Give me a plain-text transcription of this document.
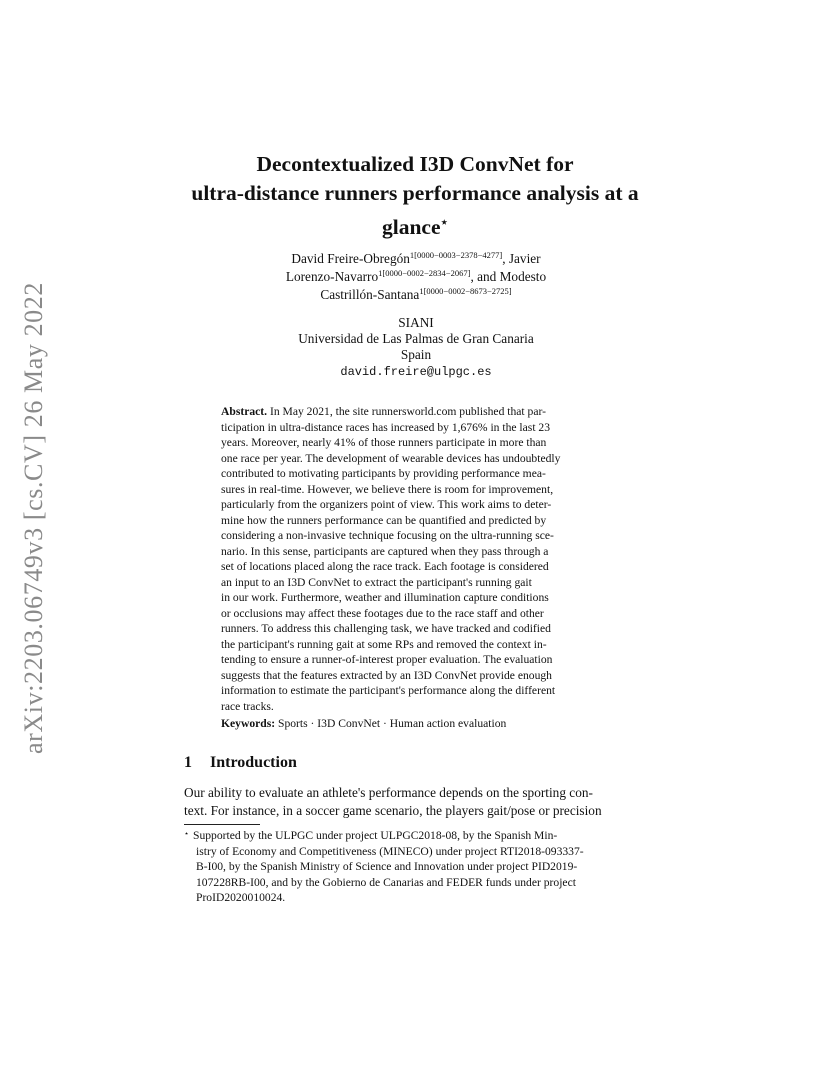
arXiv:2203.06749v3 [cs.CV] 26 May 2022
Decontextualized I3D ConvNet for
ultra-distance runners performance analysis at a
glance⋆
David Freire-Obregón$^{1[0000-0003-2378-4277]}$, Javier
Lorenzo-Navarro$^{1[0000-0002-2834-2067]}$, and Modesto
Castrillón-Santana$^{1[0000-0002-8673-2725]}$
SIANI
Universidad de Las Palmas de Gran Canaria
Spain
david.freire@ulpgc.es
Abstract. In May 2021, the site runnersworld.com published that par-
ticipation in ultra-distance races has increased by 1,676% in the last 23
years. Moreover, nearly 41% of those runners participate in more than
one race per year. The development of wearable devices has undoubtedly
contributed to motivating participants by providing performance mea-
sures in real-time. However, we believe there is room for improvement,
particularly from the organizers point of view. This work aims to deter-
mine how the runners performance can be quantified and predicted by
considering a non-invasive technique focusing on the ultra-running sce-
nario. In this sense, participants are captured when they pass through a
set of locations placed along the race track. Each footage is considered
an input to an I3D ConvNet to extract the participant's running gait
in our work. Furthermore, weather and illumination capture conditions
or occlusions may affect these footages due to the race staff and other
runners. To address this challenging task, we have tracked and codified
the participant's running gait at some RPs and removed the context in-
tending to ensure a runner-of-interest proper evaluation. The evaluation
suggests that the features extracted by an I3D ConvNet provide enough
information to estimate the participant's performance along the different
race tracks.
Keywords: Sports · I3D ConvNet · Human action evaluation
1 Introduction
Our ability to evaluate an athlete's performance depends on the sporting con-
text. For instance, in a soccer game scenario, the players gait/pose or precision
⋆ Supported by the ULPGC under project ULPGC2018-08, by the Spanish Min-
istry of Economy and Competitiveness (MINECO) under project RTI2018-093337-
B-I00, by the Spanish Ministry of Science and Innovation under project PID2019-
107228RB-I00, and by the Gobierno de Canarias and FEDER funds under project
ProID2020010024.
